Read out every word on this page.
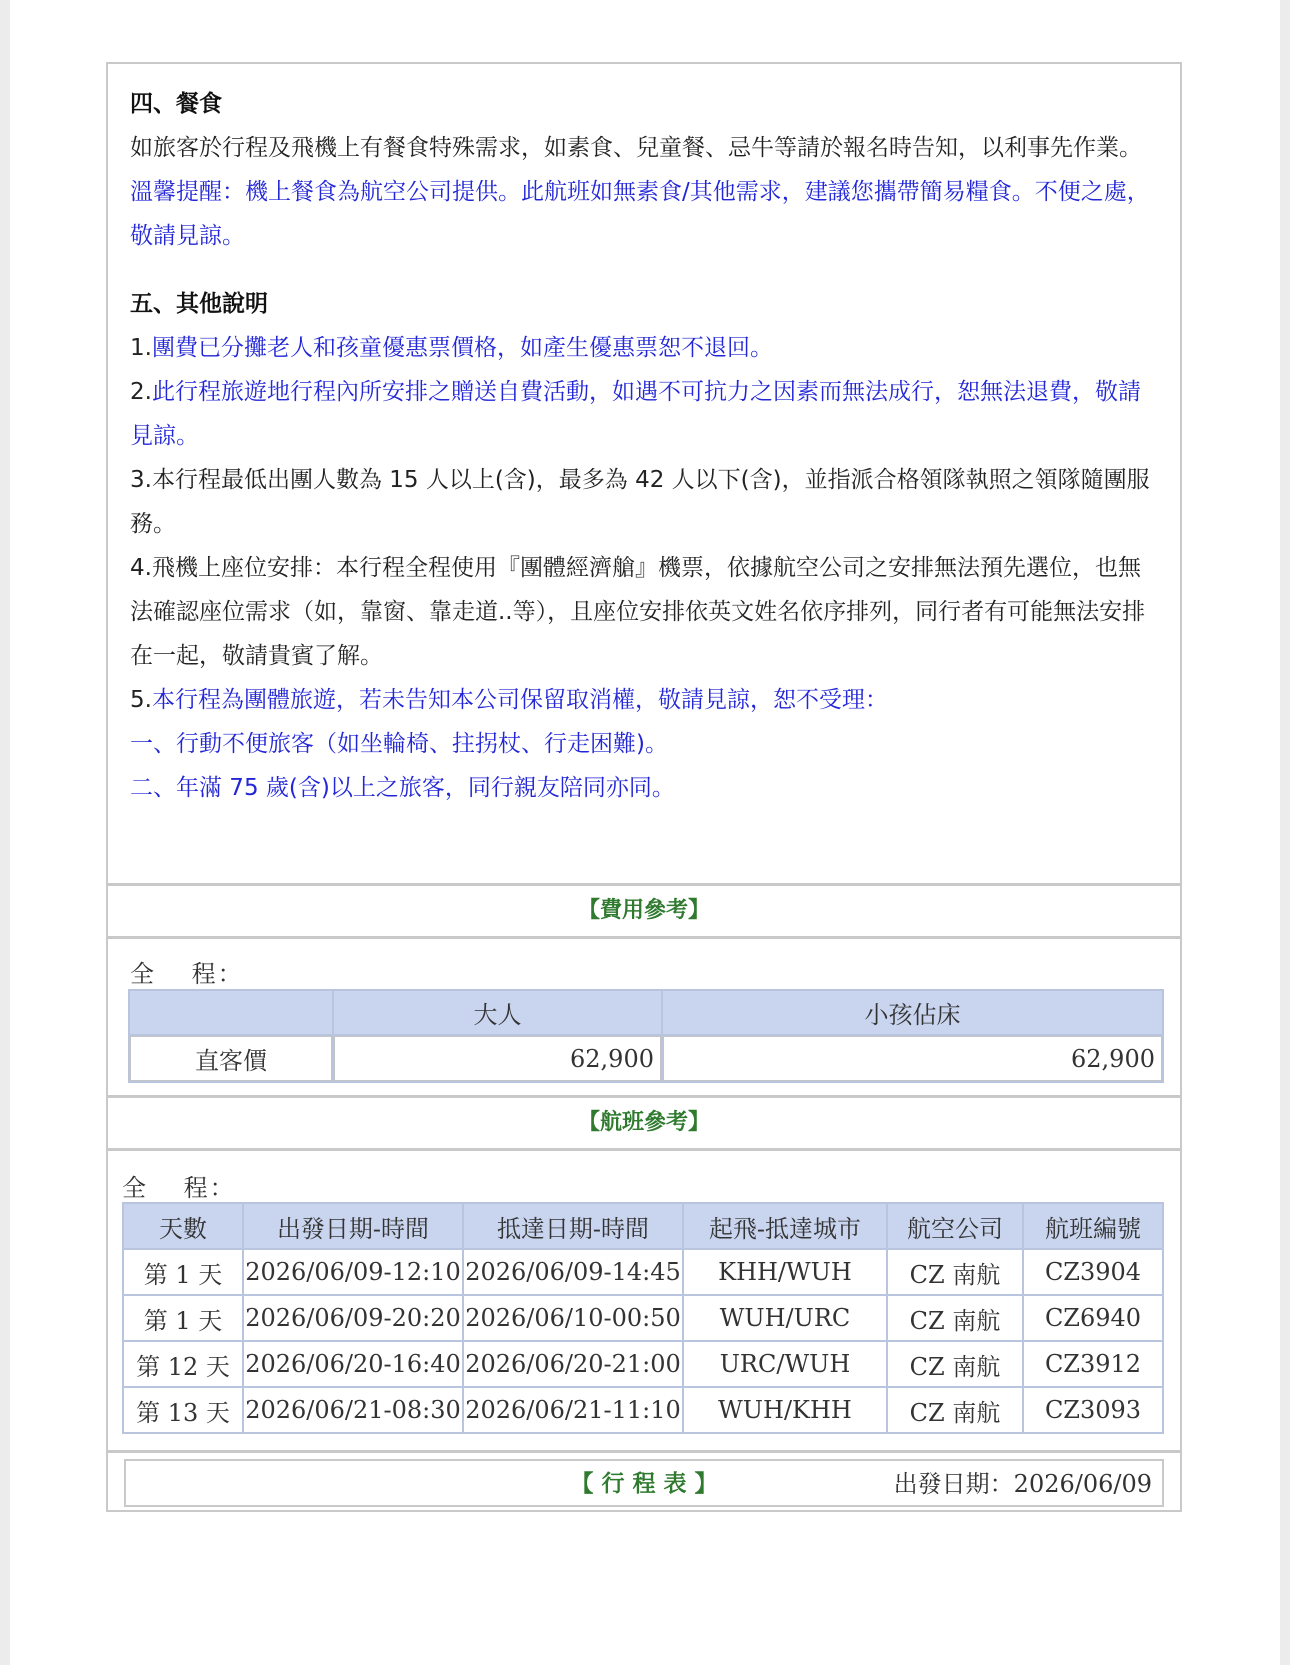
四、餐食
如旅客於行程及飛機上有餐食特殊需求，如素食、兒童餐、忌牛等請於報名時告知，以利事先作業。
溫馨提醒：機上餐食為航空公司提供。此航班如無素食/其他需求，建議您攜帶簡易糧食。不便之處，敬請見諒。
五、其他說明
1.團費已分攤老人和孩童優惠票價格，如產生優惠票恕不退回。
2.此行程旅遊地行程內所安排之贈送自費活動，如遇不可抗力之因素而無法成行，恕無法退費，敬請見諒。
3.本行程最低出團人數為 15 人以上(含)，最多為 42 人以下(含)，並指派合格領隊執照之領隊隨團服務。
4.飛機上座位安排：本行程全程使用『團體經濟艙』機票，依據航空公司之安排無法預先選位，也無法確認座位需求（如，靠窗、靠走道..等），且座位安排依英文姓名依序排列，同行者有可能無法安排在一起，敬請貴賓了解。
5.本行程為團體旅遊，若未告知本公司保留取消權，敬請見諒，恕不受理：
一、行動不便旅客（如坐輪椅、拄拐杖、行走困難)。
二、年滿 75 歲(含)以上之旅客，同行親友陪同亦同。
【費用參考】
全　 程：
	大人	小孩佔床
直客價	62,900	62,900
【航班參考】
全　 程：
天數	出發日期-時間	抵達日期-時間	起飛-抵達城市	航空公司	航班編號
第 1 天	2026/06/09-12:10	2026/06/09-14:45	KHH/WUH	CZ 南航	CZ3904
第 1 天	2026/06/09-20:20	2026/06/10-00:50	WUH/URC	CZ 南航	CZ6940
第 12 天	2026/06/20-16:40	2026/06/20-21:00	URC/WUH	CZ 南航	CZ3912
第 13 天	2026/06/21-08:30	2026/06/21-11:10	WUH/KHH	CZ 南航	CZ3093
【 行 程 表 】	出發日期：2026/06/09
